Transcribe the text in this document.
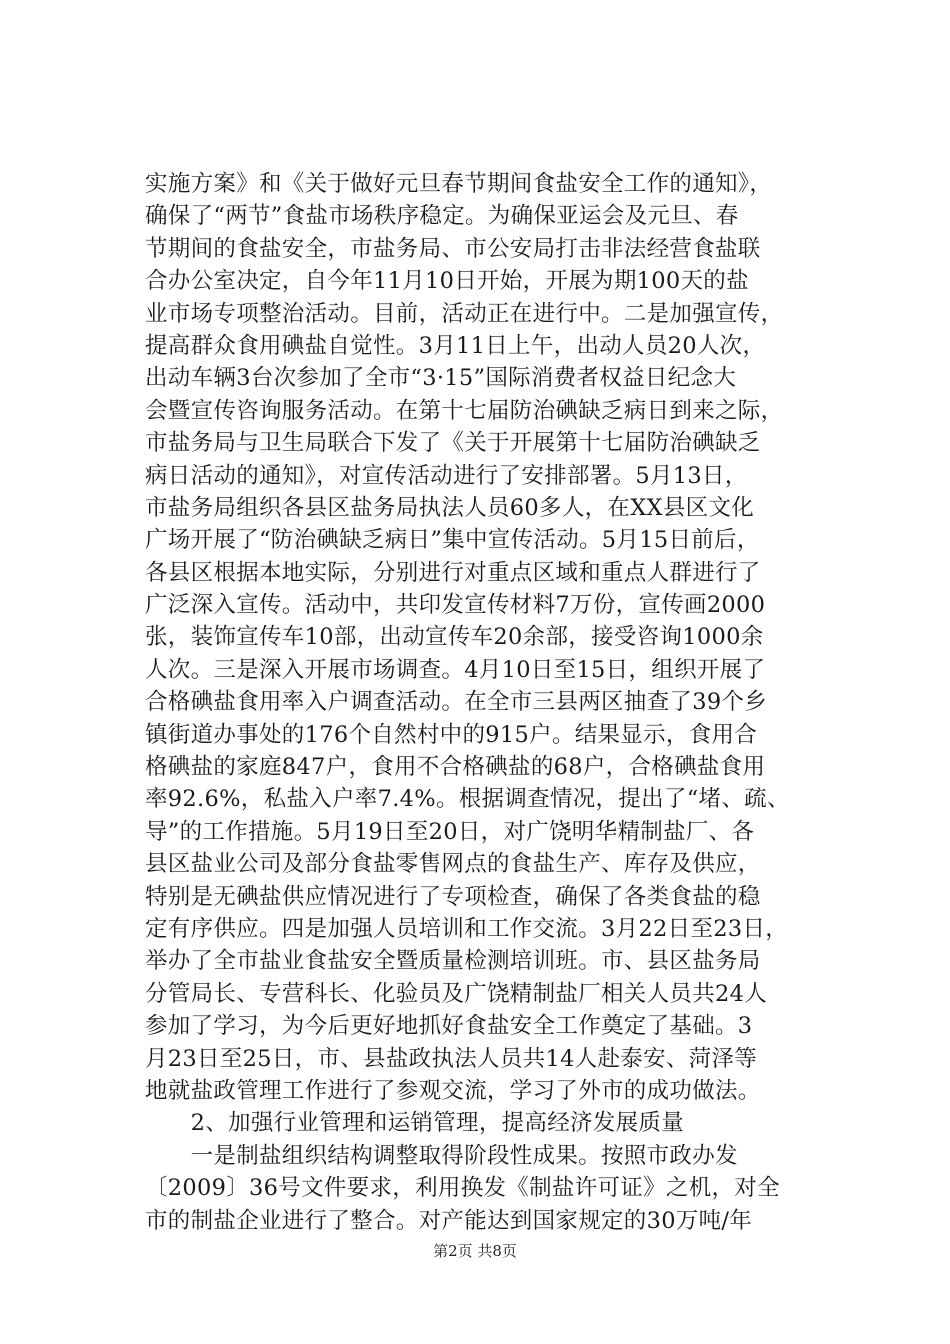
实施方案》和《关于做好元旦春节期间食盐安全工作的通知》，
确保了“两节”食盐市场秩序稳定。为确保亚运会及元旦、春
节期间的食盐安全，市盐务局、市公安局打击非法经营食盐联
合办公室决定，自今年11月10日开始，开展为期100天的盐
业市场专项整治活动。目前，活动正在进行中。二是加强宣传，
提高群众食用碘盐自觉性。3月11日上午，出动人员20人次，
出动车辆3台次参加了全市“3·15”国际消费者权益日纪念大
会暨宣传咨询服务活动。在第十七届防治碘缺乏病日到来之际，
市盐务局与卫生局联合下发了《关于开展第十七届防治碘缺乏
病日活动的通知》，对宣传活动进行了安排部署。5月13日，
市盐务局组织各县区盐务局执法人员60多人，在XX县区文化
广场开展了“防治碘缺乏病日”集中宣传活动。5月15日前后，
各县区根据本地实际，分别进行对重点区域和重点人群进行了
广泛深入宣传。活动中，共印发宣传材料7万份，宣传画2000
张，装饰宣传车10部，出动宣传车20余部，接受咨询1000余
人次。三是深入开展市场调查。4月10日至15日，组织开展了
合格碘盐食用率入户调查活动。在全市三县两区抽查了39个乡
镇街道办事处的176个自然村中的915户。结果显示，食用合
格碘盐的家庭847户，食用不合格碘盐的68户，合格碘盐食用
率92.6%，私盐入户率7.4%。根据调查情况，提出了“堵、疏、
导”的工作措施。5月19日至20日，对广饶明华精制盐厂、各
县区盐业公司及部分食盐零售网点的食盐生产、库存及供应，
特别是无碘盐供应情况进行了专项检查，确保了各类食盐的稳
定有序供应。四是加强人员培训和工作交流。3月22日至23日，
举办了全市盐业食盐安全暨质量检测培训班。市、县区盐务局
分管局长、专营科长、化验员及广饶精制盐厂相关人员共24人
参加了学习，为今后更好地抓好食盐安全工作奠定了基础。3
月23日至25日，市、县盐政执法人员共14人赴泰安、菏泽等
地就盐政管理工作进行了参观交流，学习了外市的成功做法。
　　2、加强行业管理和运销管理，提高经济发展质量
　　一是制盐组织结构调整取得阶段性成果。按照市政办发
〔2009〕36号文件要求，利用换发《制盐许可证》之机，对全
市的制盐企业进行了整合。对产能达到国家规定的30万吨/年
第2页 共8页
